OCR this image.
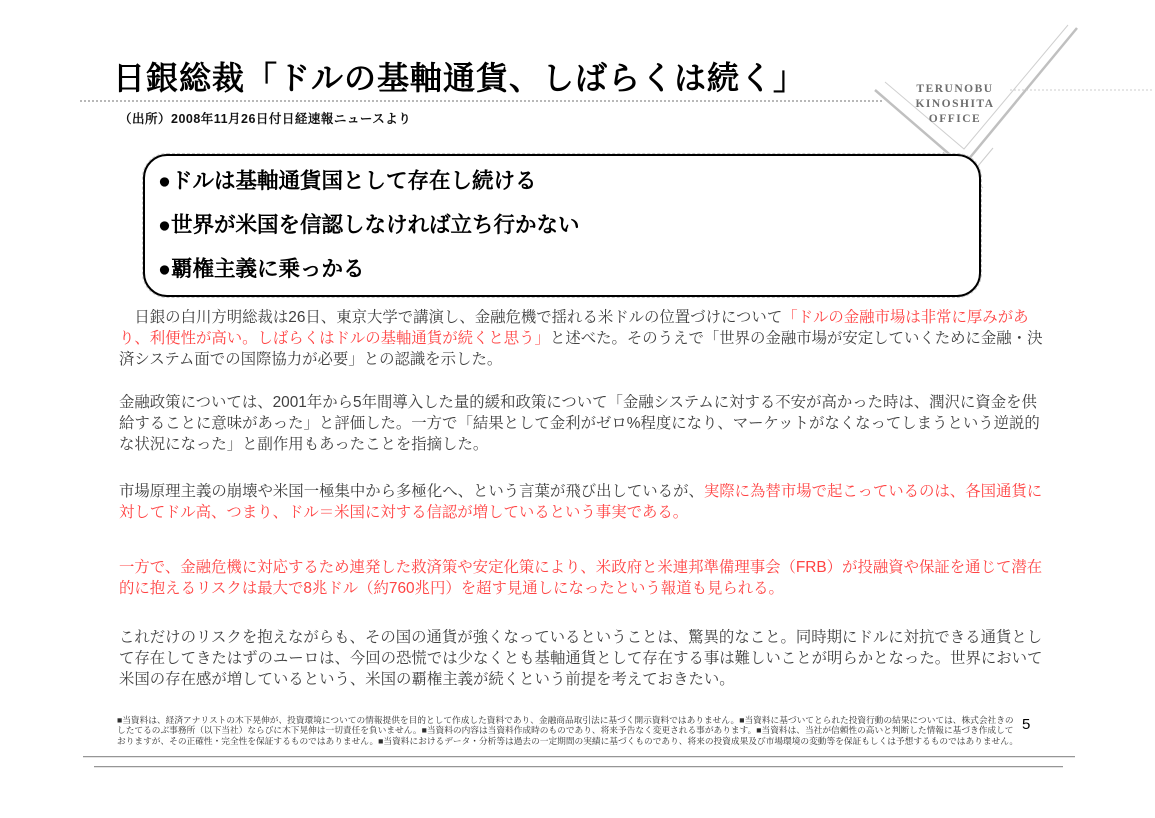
日銀総裁「ドルの基軸通貨、しばらくは続く」
（出所）2008年11月26日付日経速報ニュースより
TERUNOBU
KINOSHITA
OFFICE
●ドルは基軸通貨国として存在し続ける
●世界が米国を信認しなければ立ち行かない
●覇権主義に乗っかる
　日銀の白川方明総裁は26日、東京大学で講演し、金融危機で揺れる米ドルの位置づけについて「ドルの金融市場は非常に厚みがあり、利便性が高い。しばらくはドルの基軸通貨が続くと思う」と述べた。そのうえで「世界の金融市場が安定していくために金融・決済システム面での国際協力が必要」との認識を示した。
金融政策については、2001年から5年間導入した量的緩和政策について「金融システムに対する不安が高かった時は、潤沢に資金を供給することに意味があった」と評価した。一方で「結果として金利がゼロ%程度になり、マーケットがなくなってしまうという逆説的な状況になった」と副作用もあったことを指摘した。
市場原理主義の崩壊や米国一極集中から多極化へ、という言葉が飛び出しているが、実際に為替市場で起こっているのは、各国通貨に対してドル高、つまり、ドル＝米国に対する信認が増しているという事実である。
一方で、金融危機に対応するため連発した救済策や安定化策により、米政府と米連邦準備理事会（FRB）が投融資や保証を通じて潜在的に抱えるリスクは最大で8兆ドル（約760兆円）を超す見通しになったという報道も見られる。
これだけのリスクを抱えながらも、その国の通貨が強くなっているということは、驚異的なこと。同時期にドルに対抗できる通貨として存在してきたはずのユーロは、今回の恐慌では少なくとも基軸通貨として存在する事は難しいことが明らかとなった。世界において米国の存在感が増しているという、米国の覇権主義が続くという前提を考えておきたい。
■当資料は、経済アナリストの木下晃伸が、投資環境についての情報提供を目的として作成した資料であり、金融商品取引法に基づく開示資料ではありません。■当資料に基づいてとられた投資行動の結果については、株式会社きの
したてるのぶ事務所（以下当社）ならびに木下晃伸は一切責任を負いません。■当資料の内容は当資料作成時のものであり、将来予告なく変更される事があります。■当資料は、当社が信頼性の高いと判断した情報に基づき作成して
おりますが、その正確性・完全性を保証するものではありません。■当資料におけるデータ・分析等は過去の一定期間の実績に基づくものであり、将来の投資成果及び市場環境の変動等を保証もしくは予想するものではありません。
5
